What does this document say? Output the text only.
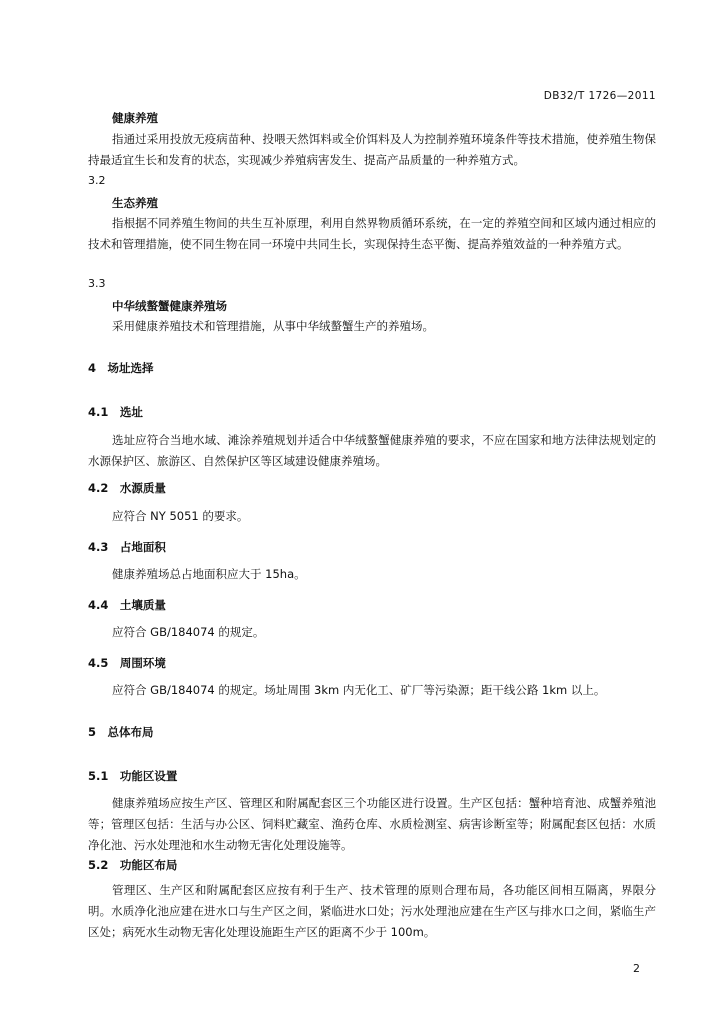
DB32/T 1726—2011
健康养殖
指通过采用投放无疫病苗种、投喂天然饵料或全价饵料及人为控制养殖环境条件等技术措施，使养殖生物保持最适宜生长和发育的状态，实现减少养殖病害发生、提高产品质量的一种养殖方式。
3.2
生态养殖
指根据不同养殖生物间的共生互补原理，利用自然界物质循环系统，在一定的养殖空间和区域内通过相应的技术和管理措施，使不同生物在同一环境中共同生长，实现保持生态平衡、提高养殖效益的一种养殖方式。
3.3
中华绒螯蟹健康养殖场
采用健康养殖技术和管理措施，从事中华绒螯蟹生产的养殖场。
4　场址选择
4.1　选址
选址应符合当地水域、滩涂养殖规划并适合中华绒螯蟹健康养殖的要求，不应在国家和地方法律法规划定的水源保护区、旅游区、自然保护区等区域建设健康养殖场。
4.2　水源质量
应符合 NY 5051 的要求。
4.3　占地面积
健康养殖场总占地面积应大于 15ha。
4.4　土壤质量
应符合 GB/184074 的规定。
4.5　周围环境
应符合 GB/184074 的规定。场址周围 3km 内无化工、矿厂等污染源；距干线公路 1km 以上。
5　总体布局
5.1　功能区设置
健康养殖场应按生产区、管理区和附属配套区三个功能区进行设置。生产区包括：蟹种培育池、成蟹养殖池等；管理区包括：生活与办公区、饲料贮藏室、渔药仓库、水质检测室、病害诊断室等；附属配套区包括：水质净化池、污水处理池和水生动物无害化处理设施等。
5.2　功能区布局
管理区、生产区和附属配套区应按有利于生产、技术管理的原则合理布局，各功能区间相互隔离，界限分明。水质净化池应建在进水口与生产区之间，紧临进水口处；污水处理池应建在生产区与排水口之间，紧临生产区处；病死水生动物无害化处理设施距生产区的距离不少于 100m。
2
